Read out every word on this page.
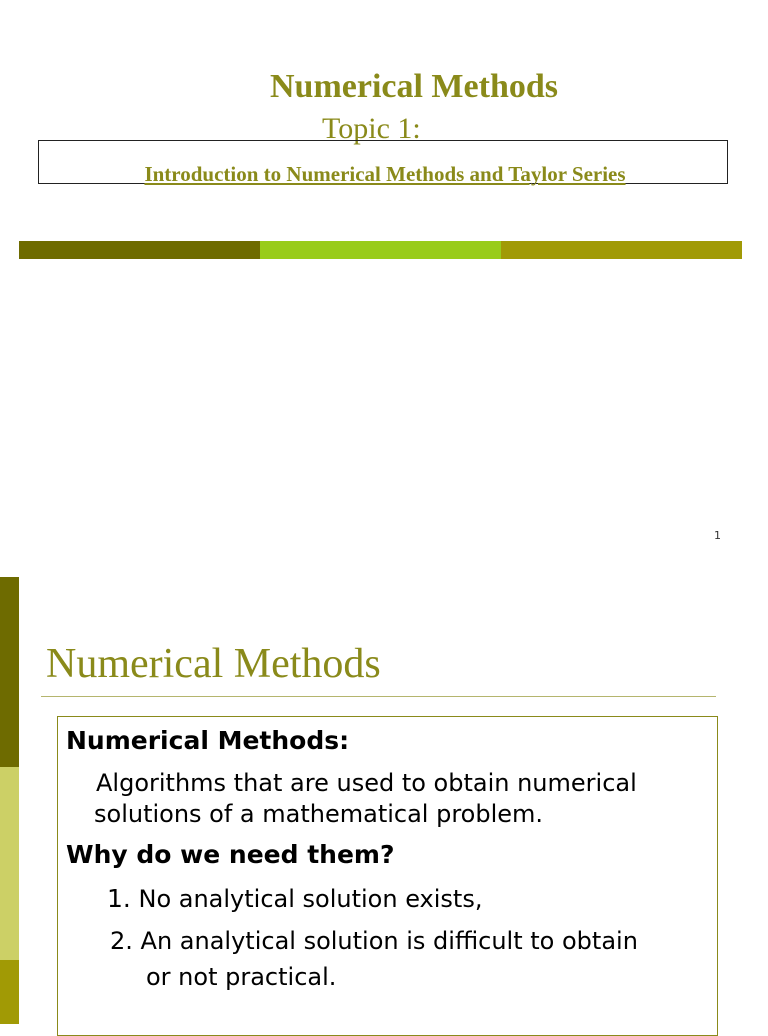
Numerical Methods
Topic 1:
Introduction to Numerical Methods and Taylor Series
1
Numerical Methods
Numerical Methods:
Algorithms that are used to obtain numerical
solutions of a mathematical problem.
Why do we need them?
1. No analytical solution exists,
2. An analytical solution is difficult to obtain
or not practical.
